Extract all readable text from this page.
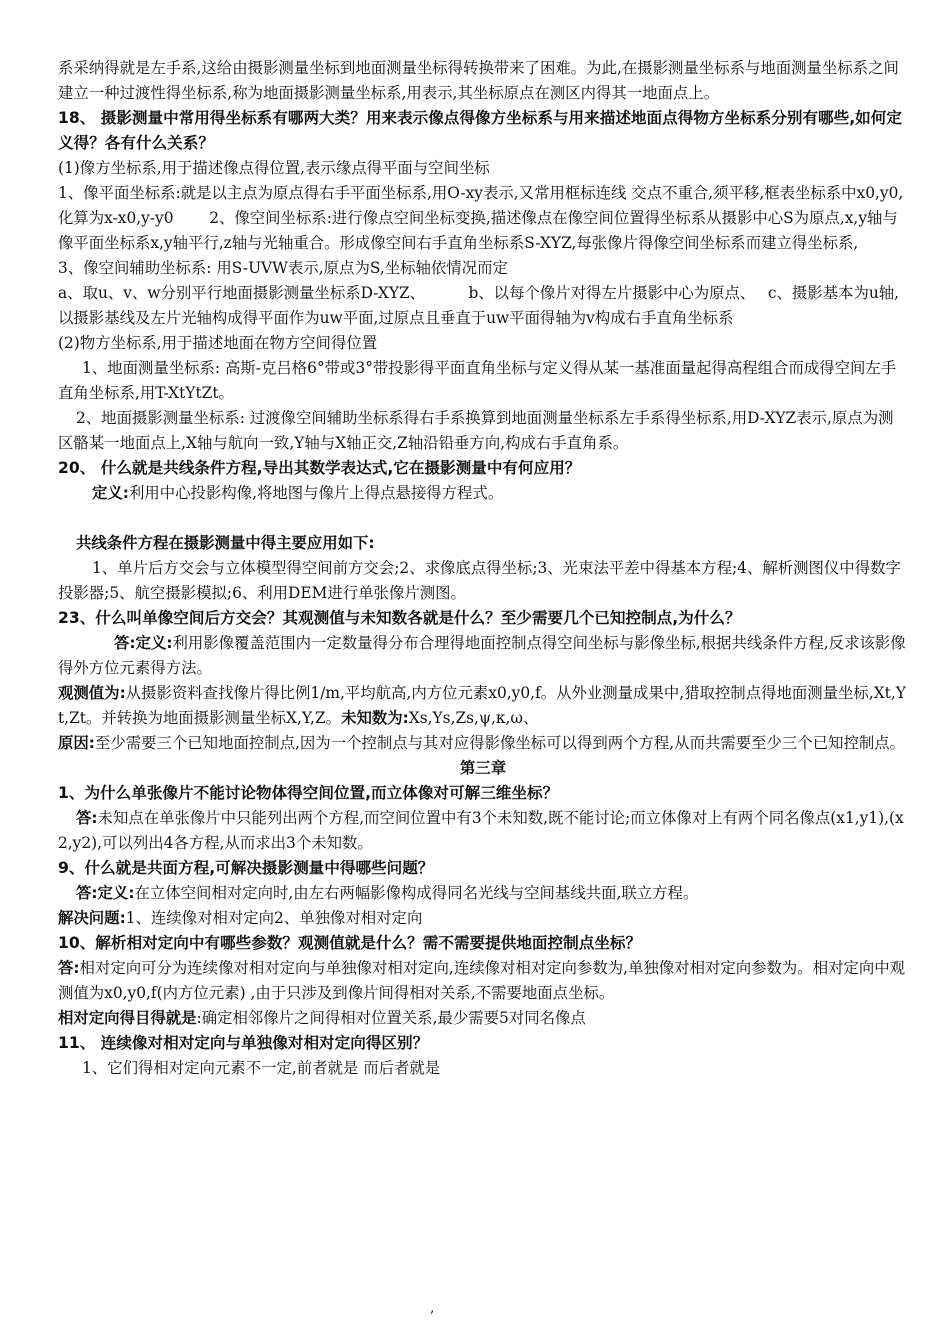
系采纳得就是左手系,这给由摄影测量坐标到地面测量坐标得转换带来了困难。为此,在摄影测量坐标系与地面测量坐标系之间建立一种过渡性得坐标系,称为地面摄影测量坐标系,用表示,其坐标原点在测区内得其一地面点上。

18、 摄影测量中常用得坐标系有哪两大类？用来表示像点得像方坐标系与用来描述地面点得物方坐标系分别有哪些,如何定义得？各有什么关系？

(1)像方坐标系,用于描述像点得位置,表示缘点得平面与空间坐标

1、像平面坐标系:就是以主点为原点得右手平面坐标系,用O-xy表示,又常用框标连线 交点不重合,须平移,框表坐标系中x0,y0,化算为x-x0,y-y0　　 2、像空间坐标系:进行像点空间坐标变换,描述像点在像空间位置得坐标系从摄影中心S为原点,x,y轴与像平面坐标系x,y轴平行,z轴与光轴重合。形成像空间右手直角坐标系S-XYZ,每张像片得像空间坐标系而建立得坐标系,　　　3、像空间辅助坐标系: 用S-UVW表示,原点为S,坐标轴依情况而定

a、取u、v、w分别平行地面摄影测量坐标系D-XYZ、　　　 b、以每个像片对得左片摄影中心为原点、　 c、摄影基本为u轴,以摄影基线及左片光轴构成得平面作为uw平面,过原点且垂直于uw平面得轴为v构成右手直角坐标系

(2)物方坐标系,用于描述地面在物方空间得位置

1、地面测量坐标系: 高斯-克吕格6°带或3°带投影得平面直角坐标与定义得从某一基准面量起得高程组合而成得空间左手直角坐标系,用T-XtYtZt。

2、地面摄影测量坐标系: 过渡像空间辅助坐标系得右手系换算到地面测量坐标系左手系得坐标系,用D-XYZ表示,原点为测区骼某一地面点上,X轴与航向一致,Y轴与X轴正交,Z轴沿铅垂方向,构成右手直角系。

20、 什么就是共线条件方程,导出其数学表达式,它在摄影测量中有何应用？

定义:利用中心投影构像,将地图与像片上得点悬接得方程式。

共线条件方程在摄影测量中得主要应用如下:

1、单片后方交会与立体模型得空间前方交会;2、求像底点得坐标;3、光束法平差中得基本方程;4、解析测图仪中得数字投影器;5、航空摄影模拟;6、利用DEM进行单张像片测图。

23、什么叫单像空间后方交会？其观测值与未知数各就是什么？至少需要几个已知控制点,为什么？

答:定义:利用影像覆盖范围内一定数量得分布合理得地面控制点得空间坐标与影像坐标,根据共线条件方程,反求该影像得外方位元素得方法。

观测值为:从摄影资料查找像片得比例1/m,平均航高,内方位元素x0,y0,f。从外业测量成果中,猎取控制点得地面测量坐标,Xt,Yt,Zt。并转换为地面摄影测量坐标X,Y,Z。未知数为:Xs,Ys,Zs,ψ,κ,ω、

原因:至少需要三个已知地面控制点,因为一个控制点与其对应得影像坐标可以得到两个方程,从而共需要至少三个已知控制点。

第三章

1、为什么单张像片不能讨论物体得空间位置,而立体像对可解三维坐标？

答:未知点在单张像片中只能列出两个方程,而空间位置中有3个未知数,既不能讨论;而立体像对上有两个同名像点(x1,y1),(x2,y2),可以列出4各方程,从而求出3个未知数。

9、什么就是共面方程,可解决摄影测量中得哪些问题？

答:定义:在立体空间相对定向时,由左右两幅影像构成得同名光线与空间基线共面,联立方程。

解决问题:1、连续像对相对定向2、单独像对相对定向

10、解析相对定向中有哪些参数？观测值就是什么？需不需要提供地面控制点坐标？

答:相对定向可分为连续像对相对定向与单独像对相对定向,连续像对相对定向参数为,单独像对相对定向参数为。相对定向中观测值为x0,y0,f(内方位元素) ,由于只涉及到像片间得相对关系,不需要地面点坐标。

相对定向得目得就是:确定相邻像片之间得相对位置关系,最少需要5对同名像点

11、 连续像对相对定向与单独像对相对定向得区别？

1、它们得相对定向元素不一定,前者就是 而后者就是

,
